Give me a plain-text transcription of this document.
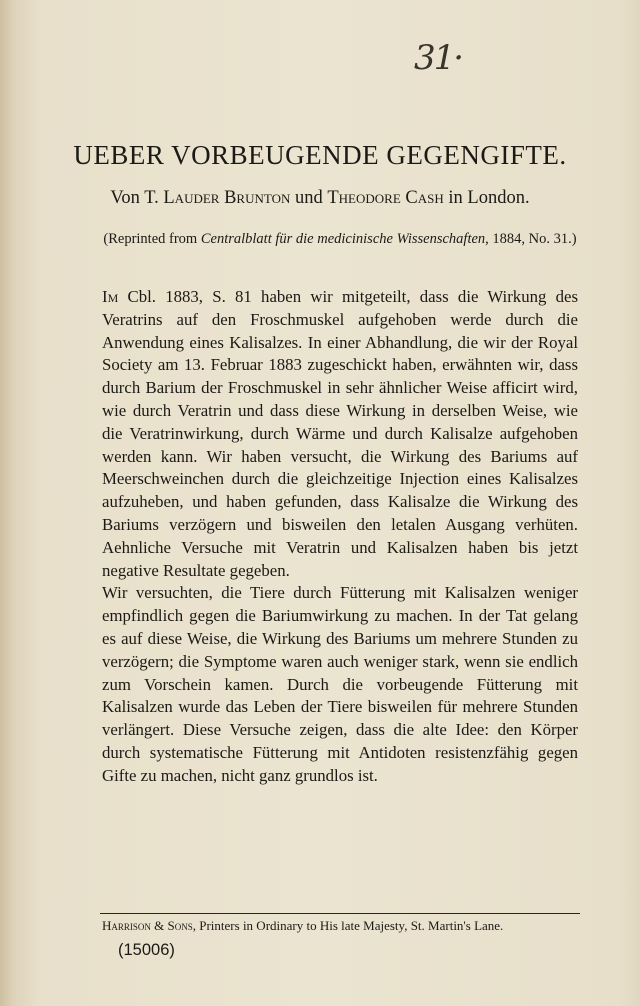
31·
UEBER VORBEUGENDE GEGENGIFTE.
Von T. Lauder Brunton und Theodore Cash in London.
(Reprinted from Centralblatt für die medicinische Wissenschaften, 1884, No. 31.)

Im Cbl. 1883, S. 81 haben wir mitgeteilt, dass die Wirkung des Veratrins auf den Froschmuskel aufgehoben werde durch die Anwendung eines Kalisalzes. In einer Abhandlung, die wir der Royal Society am 13. Februar 1883 zugeschickt haben, erwähnten wir, dass durch Barium der Froschmuskel in sehr ähnlicher Weise afficirt wird, wie durch Veratrin und dass diese Wirkung in derselben Weise, wie die Veratrinwirkung, durch Wärme und durch Kalisalze aufgehoben werden kann. Wir haben versucht, die Wirkung des Bariums auf Meerschweinchen durch die gleichzeitige Injection eines Kalisalzes aufzuheben, und haben gefunden, dass Kalisalze die Wirkung des Bariums verzögern und bisweilen den letalen Ausgang verhüten. Aehnliche Versuche mit Veratrin und Kalisalzen haben bis jetzt negative Resultate gegeben.

Wir versuchten, die Tiere durch Fütterung mit Kalisalzen weniger empfindlich gegen die Bariumwirkung zu machen. In der Tat gelang es auf diese Weise, die Wirkung des Bariums um mehrere Stunden zu verzögern; die Symptome waren auch weniger stark, wenn sie endlich zum Vorschein kamen. Durch die vorbeugende Fütterung mit Kalisalzen wurde das Leben der Tiere bisweilen für mehrere Stunden verlängert. Diese Versuche zeigen, dass die alte Idee: den Körper durch systematische Fütterung mit Antidoten resistenzfähig gegen Gifte zu machen, nicht ganz grundlos ist.

Harrison & Sons, Printers in Ordinary to His late Majesty, St. Martin's Lane.
(15006)
